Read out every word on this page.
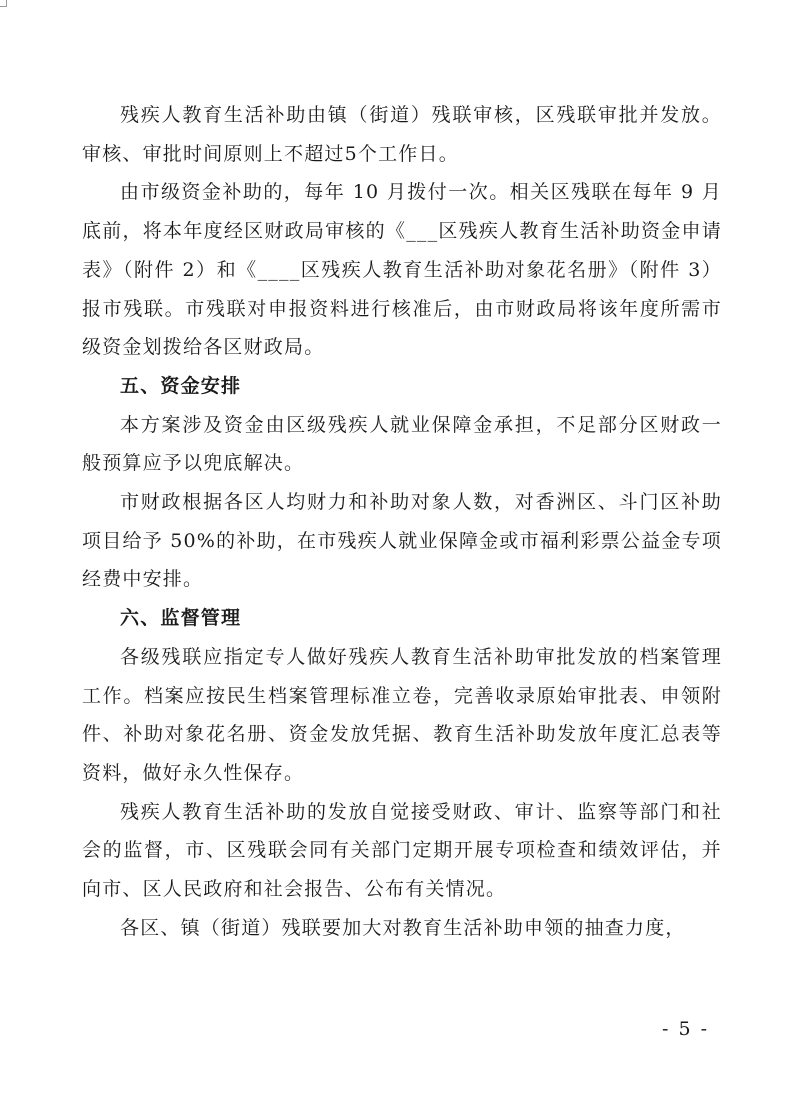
残疾人教育生活补助由镇（街道）残联审核，区残联审批并发放。审核、审批时间原则上不超过5个工作日。

由市级资金补助的，每年 10 月拨付一次。相关区残联在每年 9 月底前，将本年度经区财政局审核的《___区残疾人教育生活补助资金申请表》（附件 2）和《____区残疾人教育生活补助对象花名册》（附件 3）报市残联。市残联对申报资料进行核准后，由市财政局将该年度所需市级资金划拨给各区财政局。

五、资金安排

本方案涉及资金由区级残疾人就业保障金承担，不足部分区财政一般预算应予以兜底解决。

市财政根据各区人均财力和补助对象人数，对香洲区、斗门区补助项目给予 50%的补助，在市残疾人就业保障金或市福利彩票公益金专项经费中安排。

六、监督管理

各级残联应指定专人做好残疾人教育生活补助审批发放的档案管理工作。档案应按民生档案管理标准立卷，完善收录原始审批表、申领附件、补助对象花名册、资金发放凭据、教育生活补助发放年度汇总表等资料，做好永久性保存。

残疾人教育生活补助的发放自觉接受财政、审计、监察等部门和社会的监督，市、区残联会同有关部门定期开展专项检查和绩效评估，并向市、区人民政府和社会报告、公布有关情况。

各区、镇（街道）残联要加大对教育生活补助申领的抽查力度，

- 5 -
